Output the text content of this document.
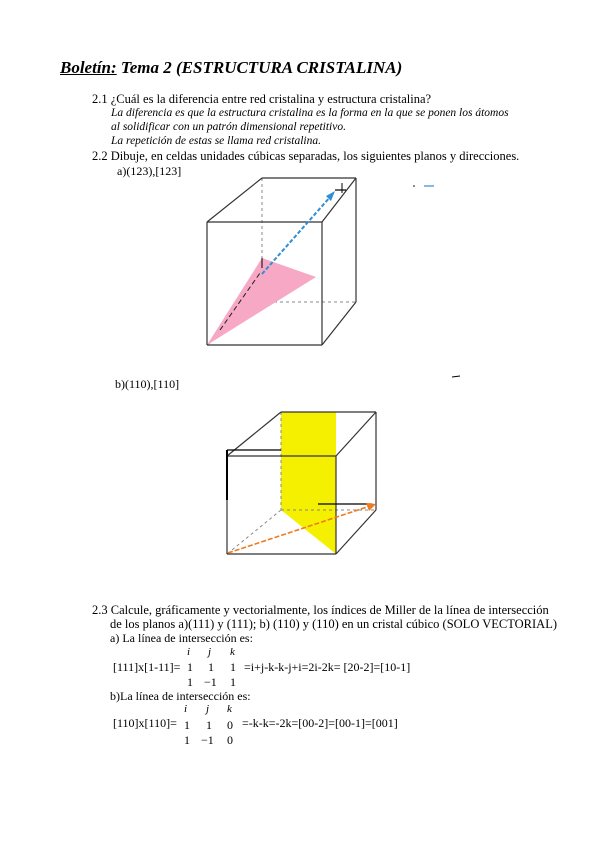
Boletín: Tema 2 (ESTRUCTURA CRISTALINA)
2.1 ¿Cuál es la diferencia entre red cristalina y estructura cristalina?
La diferencia es que la estructura cristalina es la forma en la que se ponen los átomos
al solidificar con un patrón dimensional repetitivo.
La repetición de estas se llama red cristalina.
2.2 Dibuje, en celdas unidades cúbicas separadas, los siguientes planos y direcciones.
a)(123),[123]
b)(110),[110]
2.3 Calcule, gráficamente y vectorialmente, los índices de Miller de la línea de intersección
de los planos a)(111) y (111); b) (110) y (110) en un cristal cúbico (SOLO VECTORIAL)
a) La línea de intersección es:
i j k
[111]x[1-11]= 1 1 1 =i+j-k-k-j+i=2i-2k= [20-2]=[10-1]
1 −1 1
b)La línea de intersección es:
i j k
[110]x[110]= 1 1 0 =-k-k=-2k=[00-2]=[00-1]=[001]
1 −1 0
